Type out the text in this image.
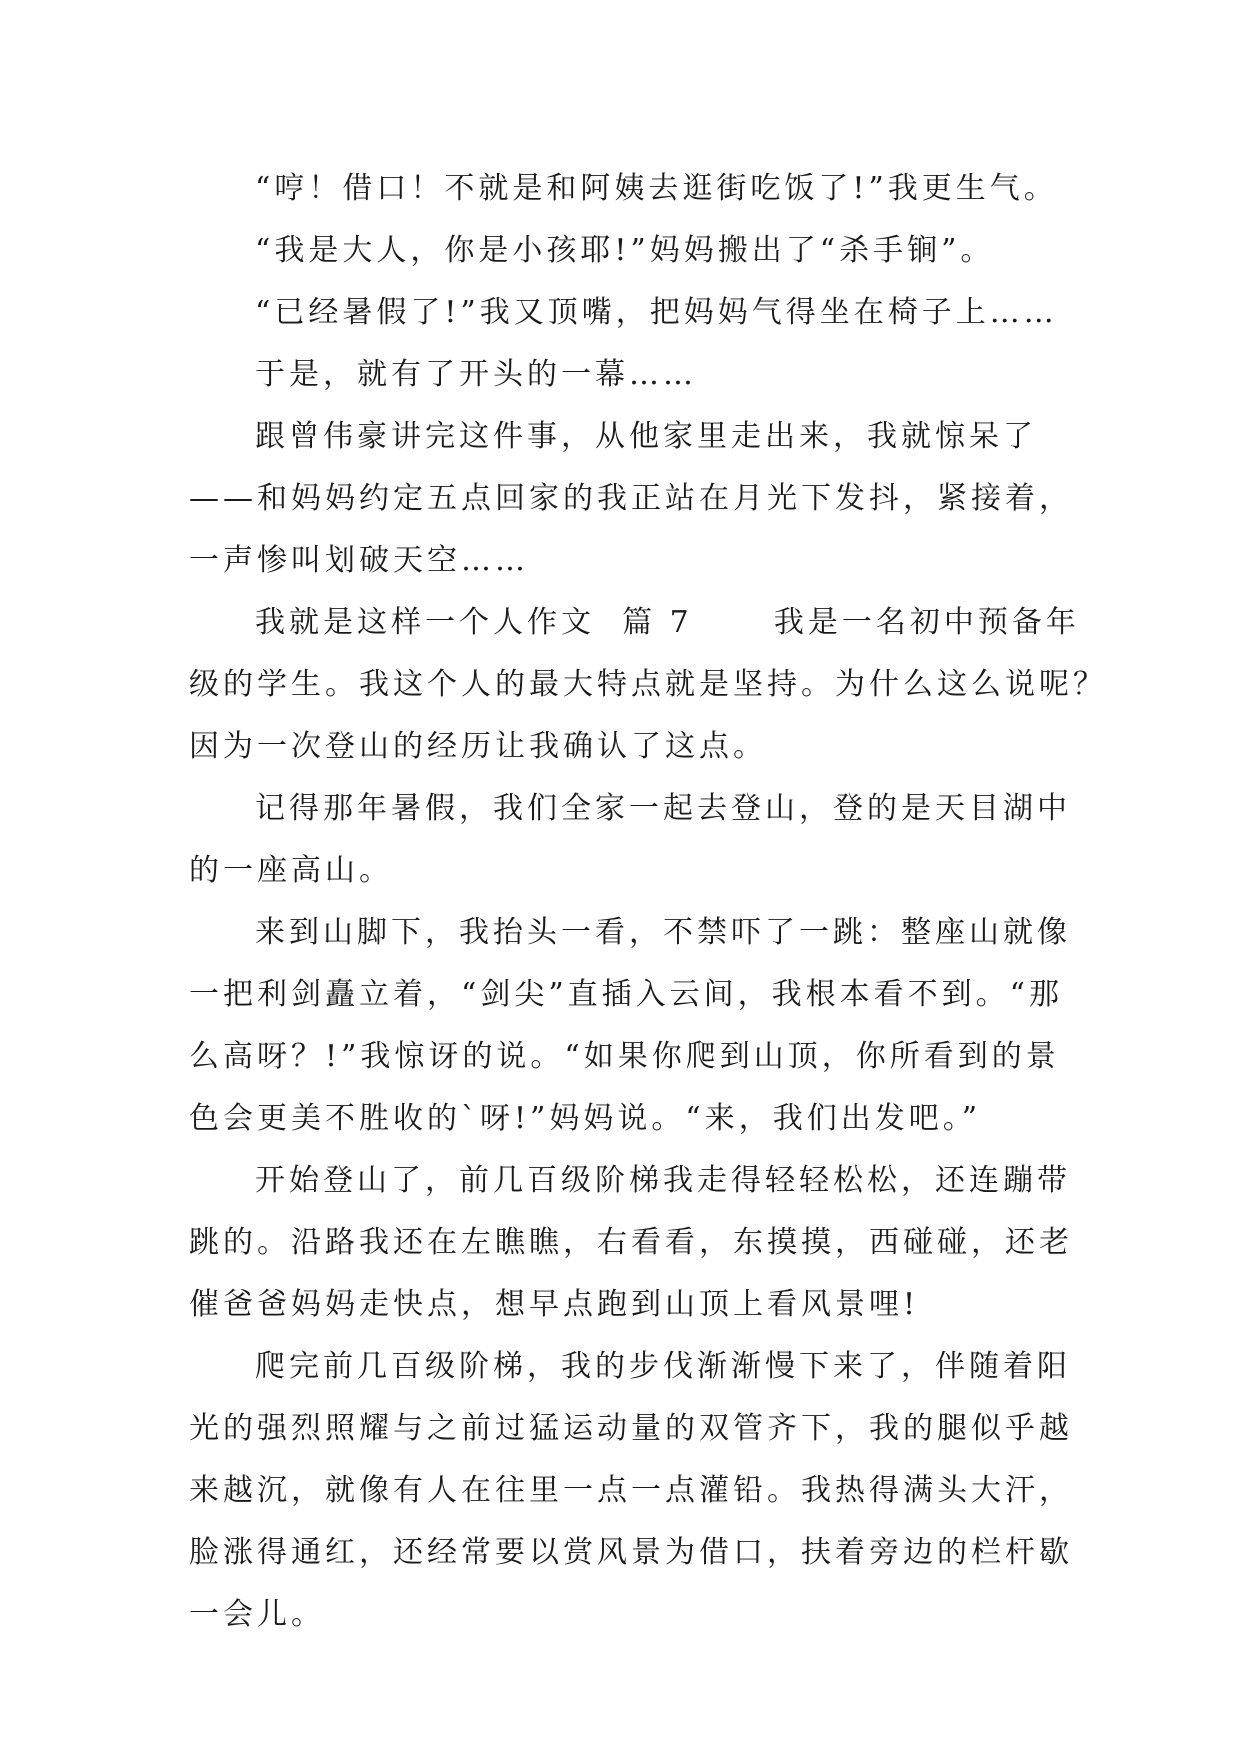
“哼！借口！不就是和阿姨去逛街吃饭了!”我更生气。
“我是大人，你是小孩耶!”妈妈搬出了“杀手锏”。
“已经暑假了!”我又顶嘴，把妈妈气得坐在椅子上……
于是，就有了开头的一幕……
跟曾伟豪讲完这件事，从他家里走出来，我就惊呆了
——和妈妈约定五点回家的我正站在月光下发抖，紧接着，
一声惨叫划破天空……
我就是这样一个人作文  篇 7      我是一名初中预备年
级的学生。我这个人的最大特点就是坚持。为什么这么说呢？
因为一次登山的经历让我确认了这点。
记得那年暑假，我们全家一起去登山，登的是天目湖中
的一座高山。
来到山脚下，我抬头一看，不禁吓了一跳：整座山就像
一把利剑矗立着，“剑尖”直插入云间，我根本看不到。“那
么高呀？!”我惊讶的说。“如果你爬到山顶，你所看到的景
色会更美不胜收的`呀!”妈妈说。“来，我们出发吧。”
开始登山了，前几百级阶梯我走得轻轻松松，还连蹦带
跳的。沿路我还在左瞧瞧，右看看，东摸摸，西碰碰，还老
催爸爸妈妈走快点，想早点跑到山顶上看风景哩!
爬完前几百级阶梯，我的步伐渐渐慢下来了，伴随着阳
光的强烈照耀与之前过猛运动量的双管齐下，我的腿似乎越
来越沉，就像有人在往里一点一点灌铅。我热得满头大汗，
脸涨得通红，还经常要以赏风景为借口，扶着旁边的栏杆歇
一会儿。
